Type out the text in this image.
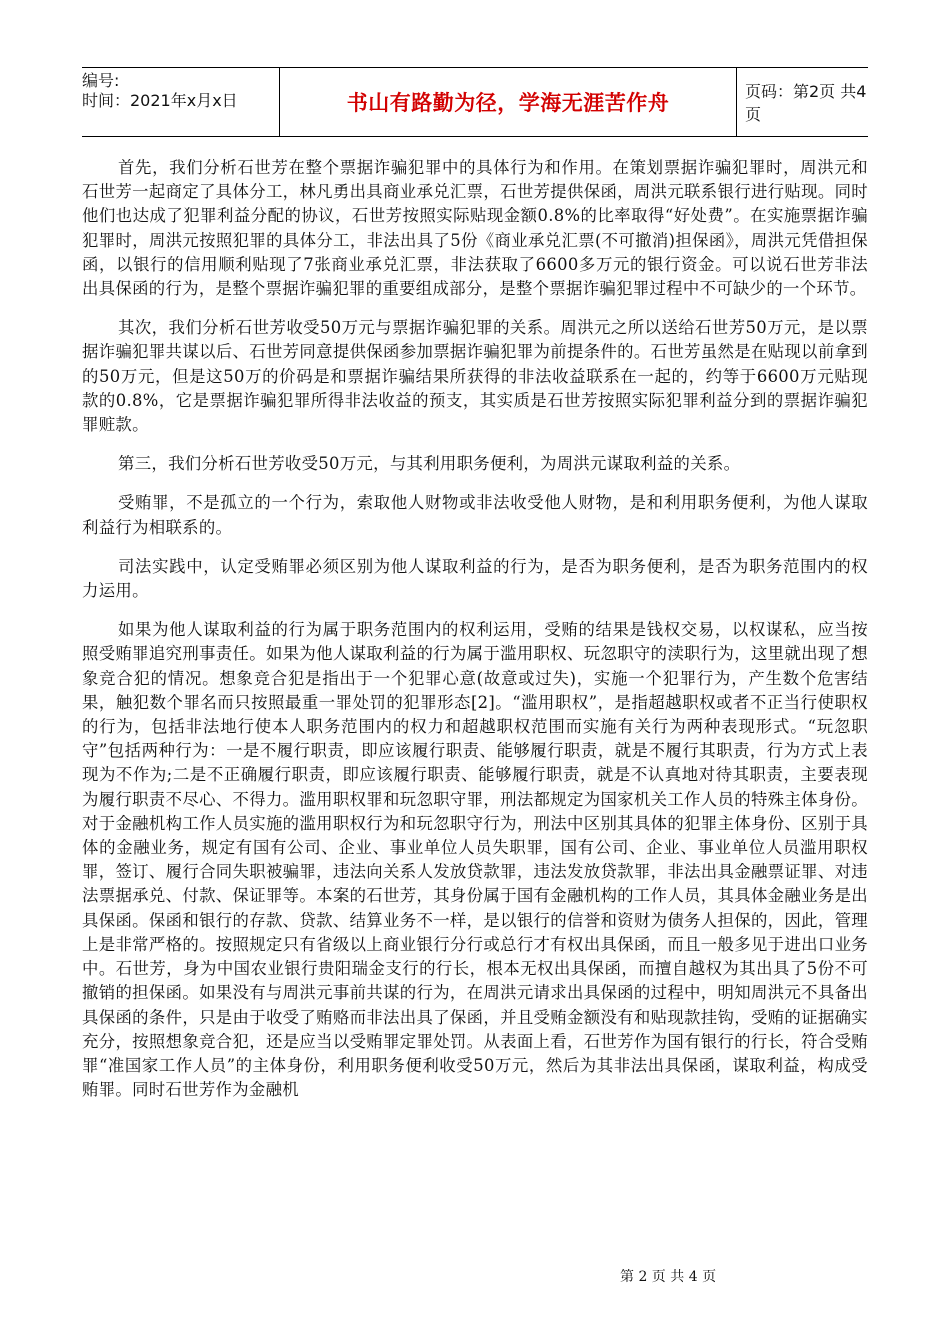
编号:
时间：2021年x月x日	书山有路勤为径，学海无涯苦作舟	页码：第2页 共4页

首先，我们分析石世芳在整个票据诈骗犯罪中的具体行为和作用。在策划票据诈骗犯罪时，周洪元和石世芳一起商定了具体分工，林凡勇出具商业承兑汇票，石世芳提供保函，周洪元联系银行进行贴现。同时他们也达成了犯罪利益分配的协议，石世芳按照实际贴现金额0.8%的比率取得“好处费”。在实施票据诈骗犯罪时，周洪元按照犯罪的具体分工，非法出具了5份《商业承兑汇票(不可撤消)担保函》，周洪元凭借担保函，以银行的信用顺利贴现了7张商业承兑汇票，非法获取了6600多万元的银行资金。可以说石世芳非法出具保函的行为，是整个票据诈骗犯罪的重要组成部分，是整个票据诈骗犯罪过程中不可缺少的一个环节。

其次，我们分析石世芳收受50万元与票据诈骗犯罪的关系。周洪元之所以送给石世芳50万元，是以票据诈骗犯罪共谋以后、石世芳同意提供保函参加票据诈骗犯罪为前提条件的。石世芳虽然是在贴现以前拿到的50万元，但是这50万的价码是和票据诈骗结果所获得的非法收益联系在一起的，约等于6600万元贴现款的0.8%，它是票据诈骗犯罪所得非法收益的预支，其实质是石世芳按照实际犯罪利益分到的票据诈骗犯罪赃款。

第三，我们分析石世芳收受50万元，与其利用职务便利，为周洪元谋取利益的关系。

受贿罪，不是孤立的一个行为，索取他人财物或非法收受他人财物，是和利用职务便利，为他人谋取利益行为相联系的。

司法实践中，认定受贿罪必须区别为他人谋取利益的行为，是否为职务便利，是否为职务范围内的权力运用。

如果为他人谋取利益的行为属于职务范围内的权利运用，受贿的结果是钱权交易，以权谋私，应当按照受贿罪追究刑事责任。如果为他人谋取利益的行为属于滥用职权、玩忽职守的渎职行为，这里就出现了想象竞合犯的情况。想象竞合犯是指出于一个犯罪心意(故意或过失)，实施一个犯罪行为，产生数个危害结果，触犯数个罪名而只按照最重一罪处罚的犯罪形态[2]。“滥用职权”，是指超越职权或者不正当行使职权的行为，包括非法地行使本人职务范围内的权力和超越职权范围而实施有关行为两种表现形式。“玩忽职守”包括两种行为：一是不履行职责，即应该履行职责、能够履行职责，就是不履行其职责，行为方式上表现为不作为;二是不正确履行职责，即应该履行职责、能够履行职责，就是不认真地对待其职责，主要表现为履行职责不尽心、不得力。滥用职权罪和玩忽职守罪，刑法都规定为国家机关工作人员的特殊主体身份。对于金融机构工作人员实施的滥用职权行为和玩忽职守行为，刑法中区别其具体的犯罪主体身份、区别于具体的金融业务，规定有国有公司、企业、事业单位人员失职罪，国有公司、企业、事业单位人员滥用职权罪，签订、履行合同失职被骗罪，违法向关系人发放贷款罪，违法发放贷款罪，非法出具金融票证罪、对违法票据承兑、付款、保证罪等。本案的石世芳，其身份属于国有金融机构的工作人员，其具体金融业务是出具保函。保函和银行的存款、贷款、结算业务不一样，是以银行的信誉和资财为债务人担保的，因此，管理上是非常严格的。按照规定只有省级以上商业银行分行或总行才有权出具保函，而且一般多见于进出口业务中。石世芳，身为中国农业银行贵阳瑞金支行的行长，根本无权出具保函，而擅自越权为其出具了5份不可撤销的担保函。如果没有与周洪元事前共谋的行为，在周洪元请求出具保函的过程中，明知周洪元不具备出具保函的条件，只是由于收受了贿赂而非法出具了保函，并且受贿金额没有和贴现款挂钩，受贿的证据确实充分，按照想象竞合犯，还是应当以受贿罪定罪处罚。从表面上看，石世芳作为国有银行的行长，符合受贿罪“准国家工作人员”的主体身份，利用职务便利收受50万元，然后为其非法出具保函，谋取利益，构成受贿罪。同时石世芳作为金融机

第 2 页 共 4 页
